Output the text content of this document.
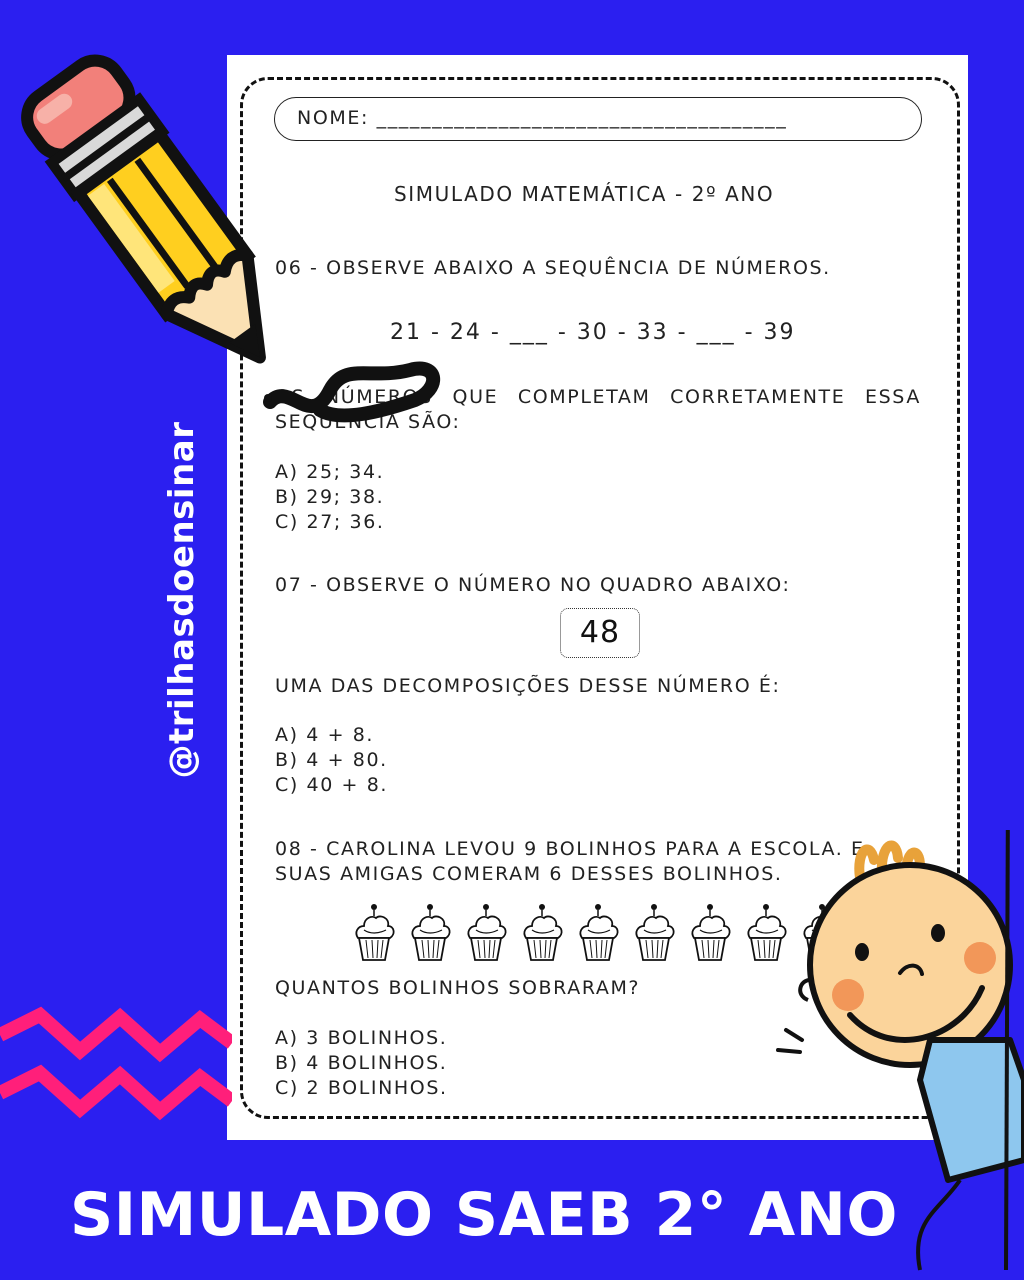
NOME: _____________________________________
SIMULADO MATEMÁTICA - 2º ANO
06 - OBSERVE ABAIXO A SEQUÊNCIA DE NÚMEROS.
21 - 24 - ___ - 30 - 33 - ___ - 39
OS NÚMEROS QUE COMPLETAM CORRETAMENTE ESSA
SEQUÊNCIA SÃO:
A) 25; 34.
B) 29; 38.
C) 27; 36.
07 - OBSERVE O NÚMERO NO QUADRO ABAIXO:
48
UMA DAS DECOMPOSIÇÕES DESSE NÚMERO É:
A) 4 + 8.
B) 4 + 80.
C) 40 + 8.
08 - CAROLINA LEVOU 9 BOLINHOS PARA A ESCOLA. E
SUAS AMIGAS COMERAM 6 DESSES BOLINHOS.
QUANTOS BOLINHOS SOBRARAM?
A) 3 BOLINHOS.
B) 4 BOLINHOS.
C) 2 BOLINHOS.
@trilhasdoensinar
SIMULADO SAEB 2° ANO
